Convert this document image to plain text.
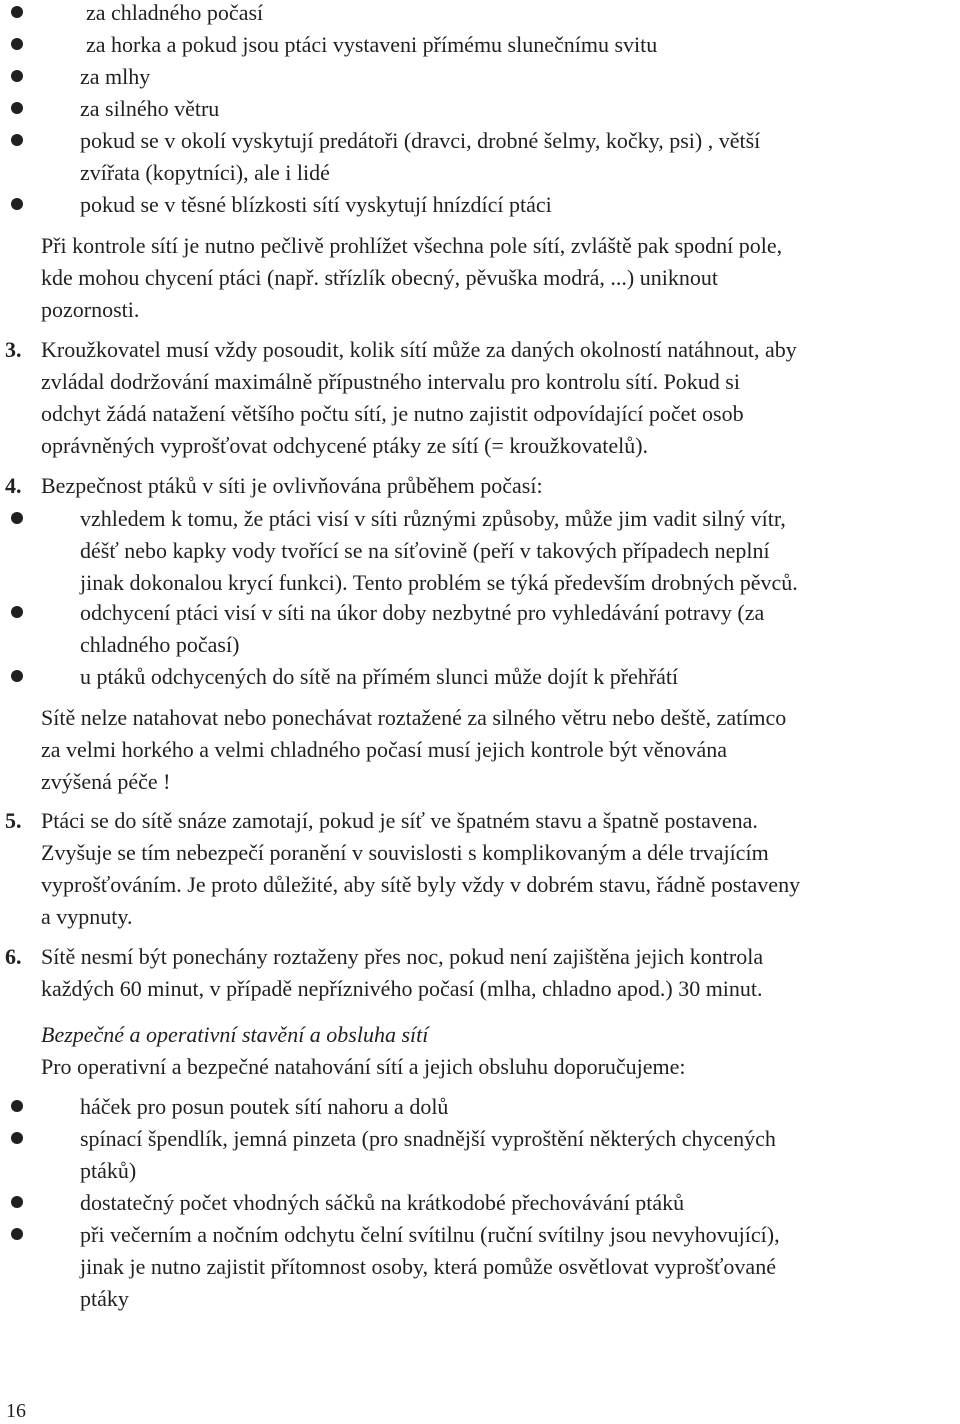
za chladného počasí
za horka a pokud jsou ptáci vystaveni přímému slunečnímu svitu
za mlhy
za silného větru
pokud se v okolí vyskytují predátoři (dravci, drobné šelmy, kočky, psi) , větší
zvířata (kopytníci), ale i lidé
pokud se v těsné blízkosti sítí vyskytují hnízdící ptáci
Při kontrole sítí je nutno pečlivě prohlížet všechna pole sítí, zvláště pak spodní pole,
kde mohou chycení ptáci (např. střízlík obecný, pěvuška modrá, ...) uniknout
pozornosti.
3. Kroužkovatel musí vždy posoudit, kolik sítí může za daných okolností natáhnout, aby
zvládal dodržování maximálně přípustného intervalu pro kontrolu sítí. Pokud si
odchyt žádá natažení většího počtu sítí, je nutno zajistit odpovídající počet osob
oprávněných vyprošťovat odchycené ptáky ze sítí (= kroužkovatelů).
4. Bezpečnost ptáků v síti je ovlivňována průběhem počasí:
vzhledem k tomu, že ptáci visí v síti různými způsoby, může jim vadit silný vítr,
déšť nebo kapky vody tvořící se na síťovině (peří v takových případech neplní
jinak dokonalou krycí funkci). Tento problém se týká především drobných pěvců.
odchycení ptáci visí v síti na úkor doby nezbytné pro vyhledávání potravy (za
chladného počasí)
u ptáků odchycených do sítě na přímém slunci může dojít k přehřátí
Sítě nelze natahovat nebo ponechávat roztažené za silného větru nebo deště, zatímco
za velmi horkého a velmi chladného počasí musí jejich kontrole být věnována
zvýšená péče !
5. Ptáci se do sítě snáze zamotají, pokud je síť ve špatném stavu a špatně postavena.
Zvyšuje se tím nebezpečí poranění v souvislosti s komplikovaným a déle trvajícím
vyprošťováním. Je proto důležité, aby sítě byly vždy v dobrém stavu, řádně postaveny
a vypnuty.
6. Sítě nesmí být ponechány roztaženy přes noc, pokud není zajištěna jejich kontrola
každých 60 minut, v případě nepříznivého počasí (mlha, chladno apod.) 30 minut.
Bezpečné a operativní stavění a obsluha sítí
Pro operativní a bezpečné natahování sítí a jejich obsluhu doporučujeme:
háček pro posun poutek sítí nahoru a dolů
spínací špendlík, jemná pinzeta (pro snadnější vyproštění některých chycených
ptáků)
dostatečný počet vhodných sáčků na krátkodobé přechovávání ptáků
při večerním a nočním odchytu čelní svítilnu (ruční svítilny jsou nevyhovující),
jinak je nutno zajistit přítomnost osoby, která pomůže osvětlovat vyprošťované
ptáky
16
